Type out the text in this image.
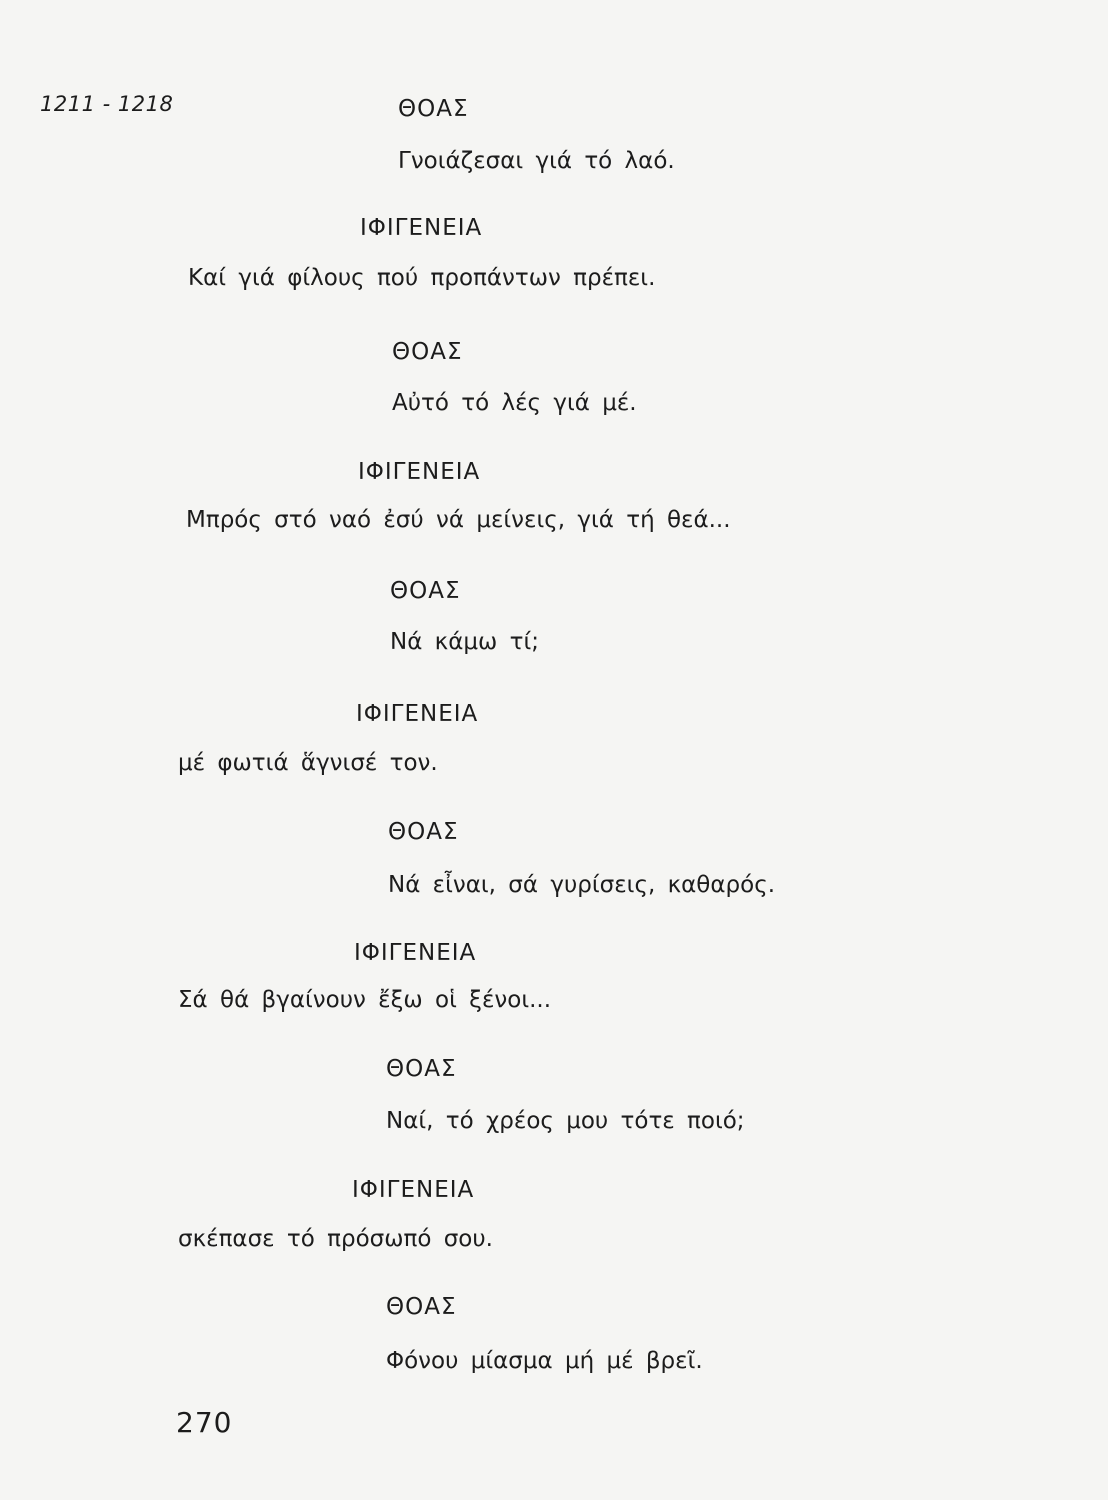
1211 - 1218	ΘΟΑΣ
Γνοιάζεσαι γιά τό λαό.
ΙΦΙΓΕΝΕΙΑ
Καί γιά φίλους πού προπάντων πρέπει.
ΘΟΑΣ
Αὐτό τό λές γιά μέ.
ΙΦΙΓΕΝΕΙΑ
Μπρός στό ναό ἐσύ νά μείνεις, γιά τή θεά...
ΘΟΑΣ
Νά κάμω τί;
ΙΦΙΓΕΝΕΙΑ
μέ φωτιά ἅγνισέ τον.
ΘΟΑΣ
Νά εἶναι, σά γυρίσεις, καθαρός.
ΙΦΙΓΕΝΕΙΑ
Σά θά βγαίνουν ἔξω οἱ ξένοι...
ΘΟΑΣ
Ναί, τό χρέος μου τότε ποιό;
ΙΦΙΓΕΝΕΙΑ
σκέπασε τό πρόσωπό σου.
ΘΟΑΣ
Φόνου μίασμα μή μέ βρεῖ.
270
